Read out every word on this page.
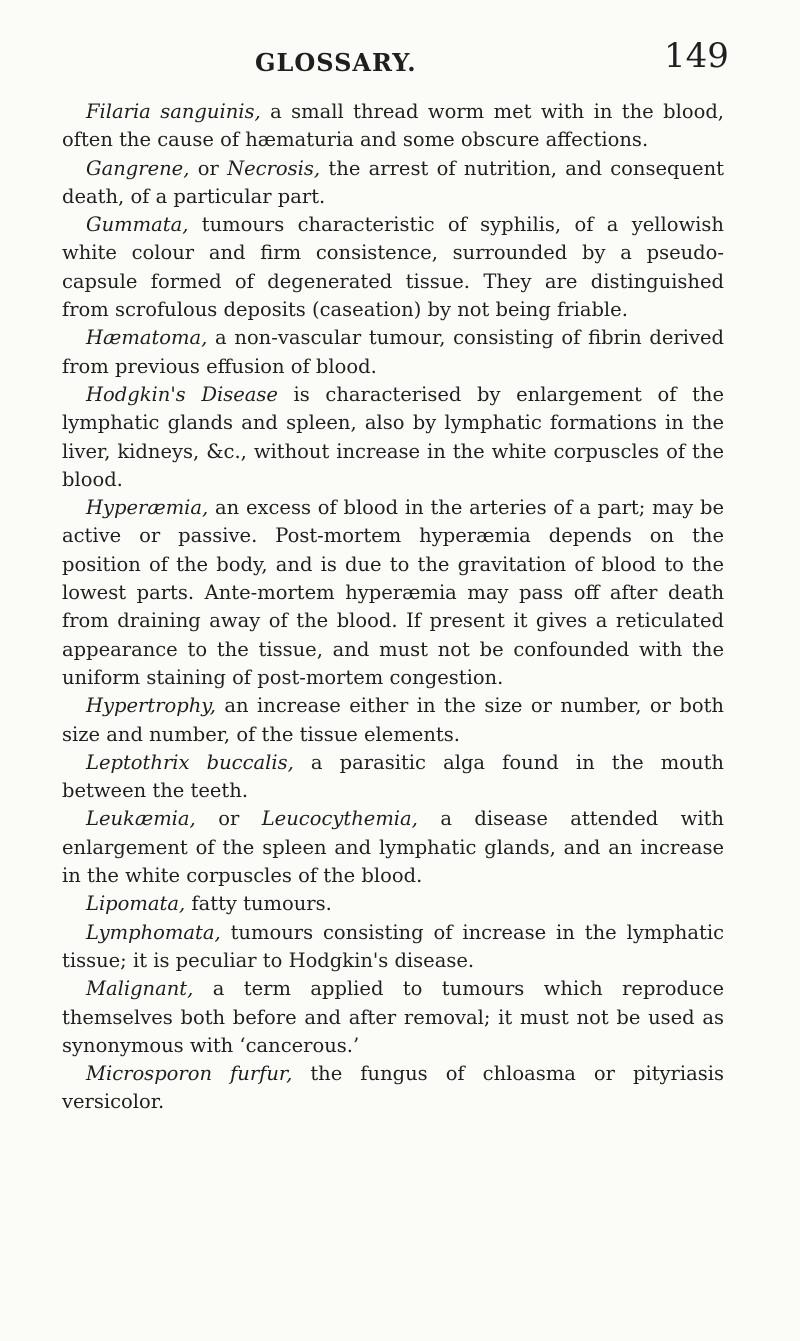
GLOSSARY.	149

Filaria sanguinis, a small thread worm met with in the blood, often the cause of hæmaturia and some obscure affections.

Gangrene, or Necrosis, the arrest of nutrition, and consequent death, of a particular part.

Gummata, tumours characteristic of syphilis, of a yellowish white colour and firm consistence, surrounded by a pseudo-capsule formed of degenerated tissue. They are distinguished from scrofulous deposits (caseation) by not being friable.

Hæmatoma, a non-vascular tumour, consisting of fibrin derived from previous effusion of blood.

Hodgkin's Disease is characterised by enlargement of the lymphatic glands and spleen, also by lymphatic formations in the liver, kidneys, &c., without increase in the white corpuscles of the blood.

Hyperæmia, an excess of blood in the arteries of a part; may be active or passive. Post-mortem hyperæmia depends on the position of the body, and is due to the gravitation of blood to the lowest parts. Ante-mortem hyperæmia may pass off after death from draining away of the blood. If present it gives a reticulated appearance to the tissue, and must not be confounded with the uniform staining of post-mortem congestion.

Hypertrophy, an increase either in the size or number, or both size and number, of the tissue elements.

Leptothrix buccalis, a parasitic alga found in the mouth between the teeth.

Leukæmia, or Leucocythemia, a disease attended with enlargement of the spleen and lymphatic glands, and an increase in the white corpuscles of the blood.

Lipomata, fatty tumours.

Lymphomata, tumours consisting of increase in the lymphatic tissue; it is peculiar to Hodgkin's disease.

Malignant, a term applied to tumours which reproduce themselves both before and after removal; it must not be used as synonymous with ‘cancerous.’

Microsporon furfur, the fungus of chloasma or pityriasis versicolor.
